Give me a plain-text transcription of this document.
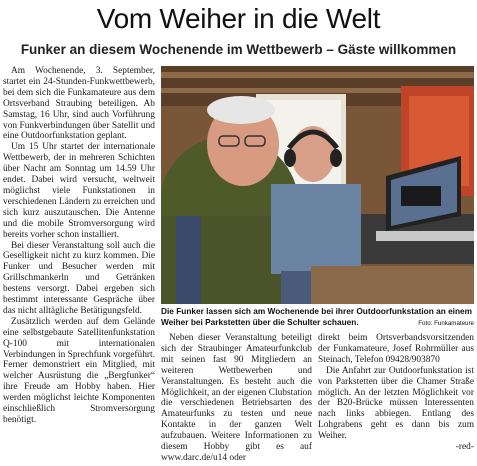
Vom Weiher in die Welt
Funker an diesem Wochenende im Wettbewerb – Gäste willkommen

Am Wochenende, 3. September, startet ein 24-Stunden-Funkwettbewerb, bei dem sich die Funkamateure aus dem Ortsverband Straubing beteiligen. Ab Samstag, 16 Uhr, sind auch Vorführung von Funkverbindungen über Satellit und eine Outdoorfunkstation geplant.

Um 15 Uhr startet der internationale Wettbewerb, der in mehreren Schichten über Nacht am Sonntag um 14.59 Uhr endet. Dabei wird versucht, weltweit möglichst viele Funkstationen in verschiedenen Ländern zu erreichen und sich kurz auszutauschen. Die Antenne und die mobile Stromversorgung wird bereits vorher schon installiert.

Bei dieser Veranstaltung soll auch die Geselligkeit nicht zu kurz kommen. Die Funker und Besucher werden mit Grillschmankerln und Getränken bestens versorgt. Dabei ergeben sich bestimmt interessante Gespräche über das nicht alltägliche Betätigungsfeld.

Zusätzlich werden auf dem Gelände eine selbstgebaute Satellitenfunkstation Q-100 mit internationalen Verbindungen in Sprechfunk vorgeführt. Ferner demonstriert ein Mitglied, mit welcher Ausrüstung die „Bergfunker“ ihre Freude am Hobby haben. Hier werden möglichst leichte Komponenten einschließlich Stromversorgung benötigt.

Die Funker lassen sich am Wochenende bei ihrer Outdoorfunkstation an einem Weiher bei Parkstetten über die Schulter schauen.	Foto: Funkamateure

Neben dieser Veranstaltung beteiligt sich der Straubinger Amateurfunkclub mit seinen fast 90 Mitgliedern an weiteren Wettbewerben und Veranstaltungen. Es besteht auch die Möglichkeit, an der eigenen Clubstation die verschiedenen Betriebsarten des Amateurfunks zu testen und neue Kontakte in der ganzen Welt aufzubauen. Weitere Informationen zu diesem Hobby gibt es auf www.darc.de/u14 oder

direkt beim Ortsverbandsvorsitzenden der Funkamateure, Josef Rohrmüller aus Steinach, Telefon 09428/903870

Die Anfahrt zur Outdoorfunkstation ist von Parkstetten über die Chamer Straße möglich. An der letzten Möglichkeit vor der B20-Brücke müssen Interessenten nach links abbiegen. Entlang des Lohgrabens geht es dann bis zum Weiher.

-red-
